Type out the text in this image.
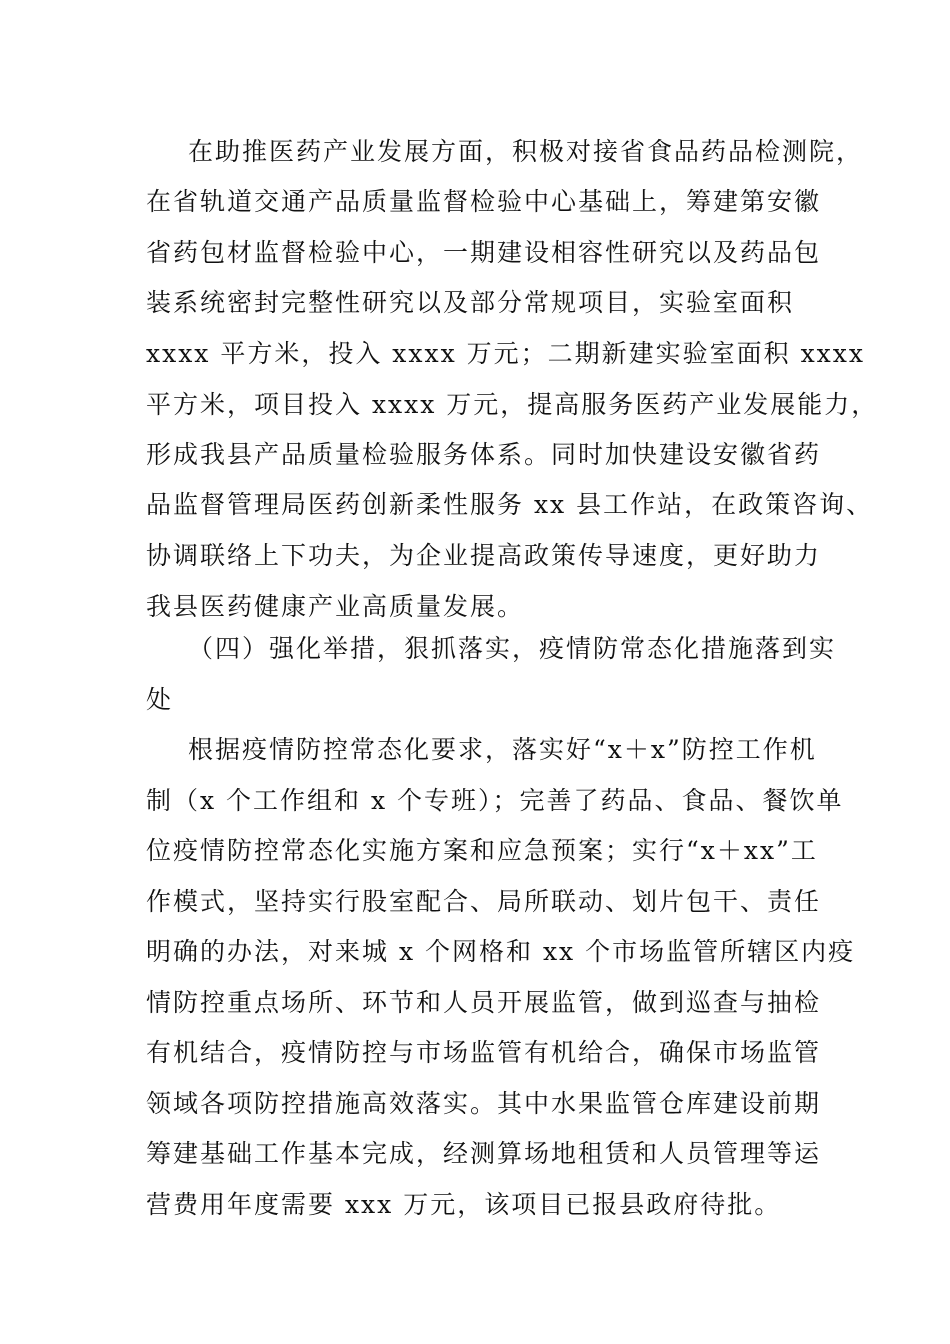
在助推医药产业发展方面，积极对接省食品药品检测院，
在省轨道交通产品质量监督检验中心基础上，筹建第安徽
省药包材监督检验中心，一期建设相容性研究以及药品包
装系统密封完整性研究以及部分常规项目，实验室面积
xxxx 平方米，投入 xxxx 万元；二期新建实验室面积 xxxx
平方米，项目投入 xxxx 万元，提高服务医药产业发展能力，
形成我县产品质量检验服务体系。同时加快建设安徽省药
品监督管理局医药创新柔性服务 xx 县工作站，在政策咨询、
协调联络上下功夫，为企业提高政策传导速度，更好助力
我县医药健康产业高质量发展。
（四）强化举措，狠抓落实，疫情防常态化措施落到实
处
根据疫情防控常态化要求，落实好“x＋x”防控工作机
制（x 个工作组和 x 个专班）；完善了药品、食品、餐饮单
位疫情防控常态化实施方案和应急预案；实行“x＋xx”工
作模式，坚持实行股室配合、局所联动、划片包干、责任
明确的办法，对来城 x 个网格和 xx 个市场监管所辖区内疫
情防控重点场所、环节和人员开展监管，做到巡查与抽检
有机结合，疫情防控与市场监管有机给合，确保市场监管
领域各项防控措施高效落实。其中水果监管仓库建设前期
筹建基础工作基本完成，经测算场地租赁和人员管理等运
营费用年度需要 xxx 万元，该项目已报县政府待批。
